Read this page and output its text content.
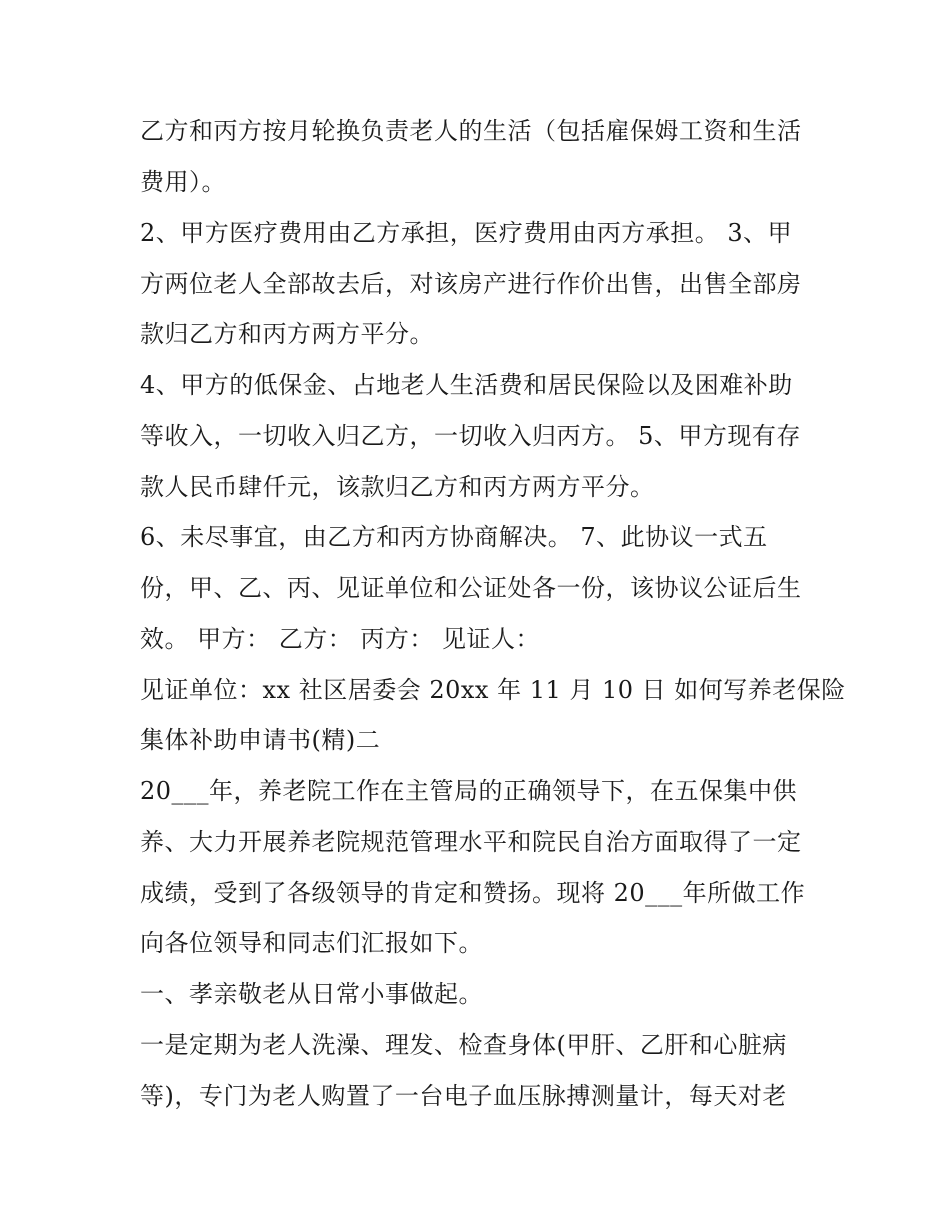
乙方和丙方按月轮换负责老人的生活（包括雇保姆工资和生活
费用）。
2、甲方医疗费用由乙方承担，医疗费用由丙方承担。 3、甲
方两位老人全部故去后，对该房产进行作价出售，出售全部房
款归乙方和丙方两方平分。
4、甲方的低保金、占地老人生活费和居民保险以及困难补助
等收入，一切收入归乙方，一切收入归丙方。 5、甲方现有存
款人民币肆仟元，该款归乙方和丙方两方平分。
6、未尽事宜，由乙方和丙方协商解决。 7、此协议一式五
份，甲、乙、丙、见证单位和公证处各一份，该协议公证后生
效。 甲方： 乙方： 丙方： 见证人：
见证单位：xx 社区居委会 20xx 年 11 月 10 日 如何写养老保险
集体补助申请书(精)二
20___年，养老院工作在主管局的正确领导下，在五保集中供
养、大力开展养老院规范管理水平和院民自治方面取得了一定
成绩，受到了各级领导的肯定和赞扬。现将 20___年所做工作
向各位领导和同志们汇报如下。
一、孝亲敬老从日常小事做起。
一是定期为老人洗澡、理发、检查身体(甲肝、乙肝和心脏病
等)，专门为老人购置了一台电子血压脉搏测量计，每天对老
